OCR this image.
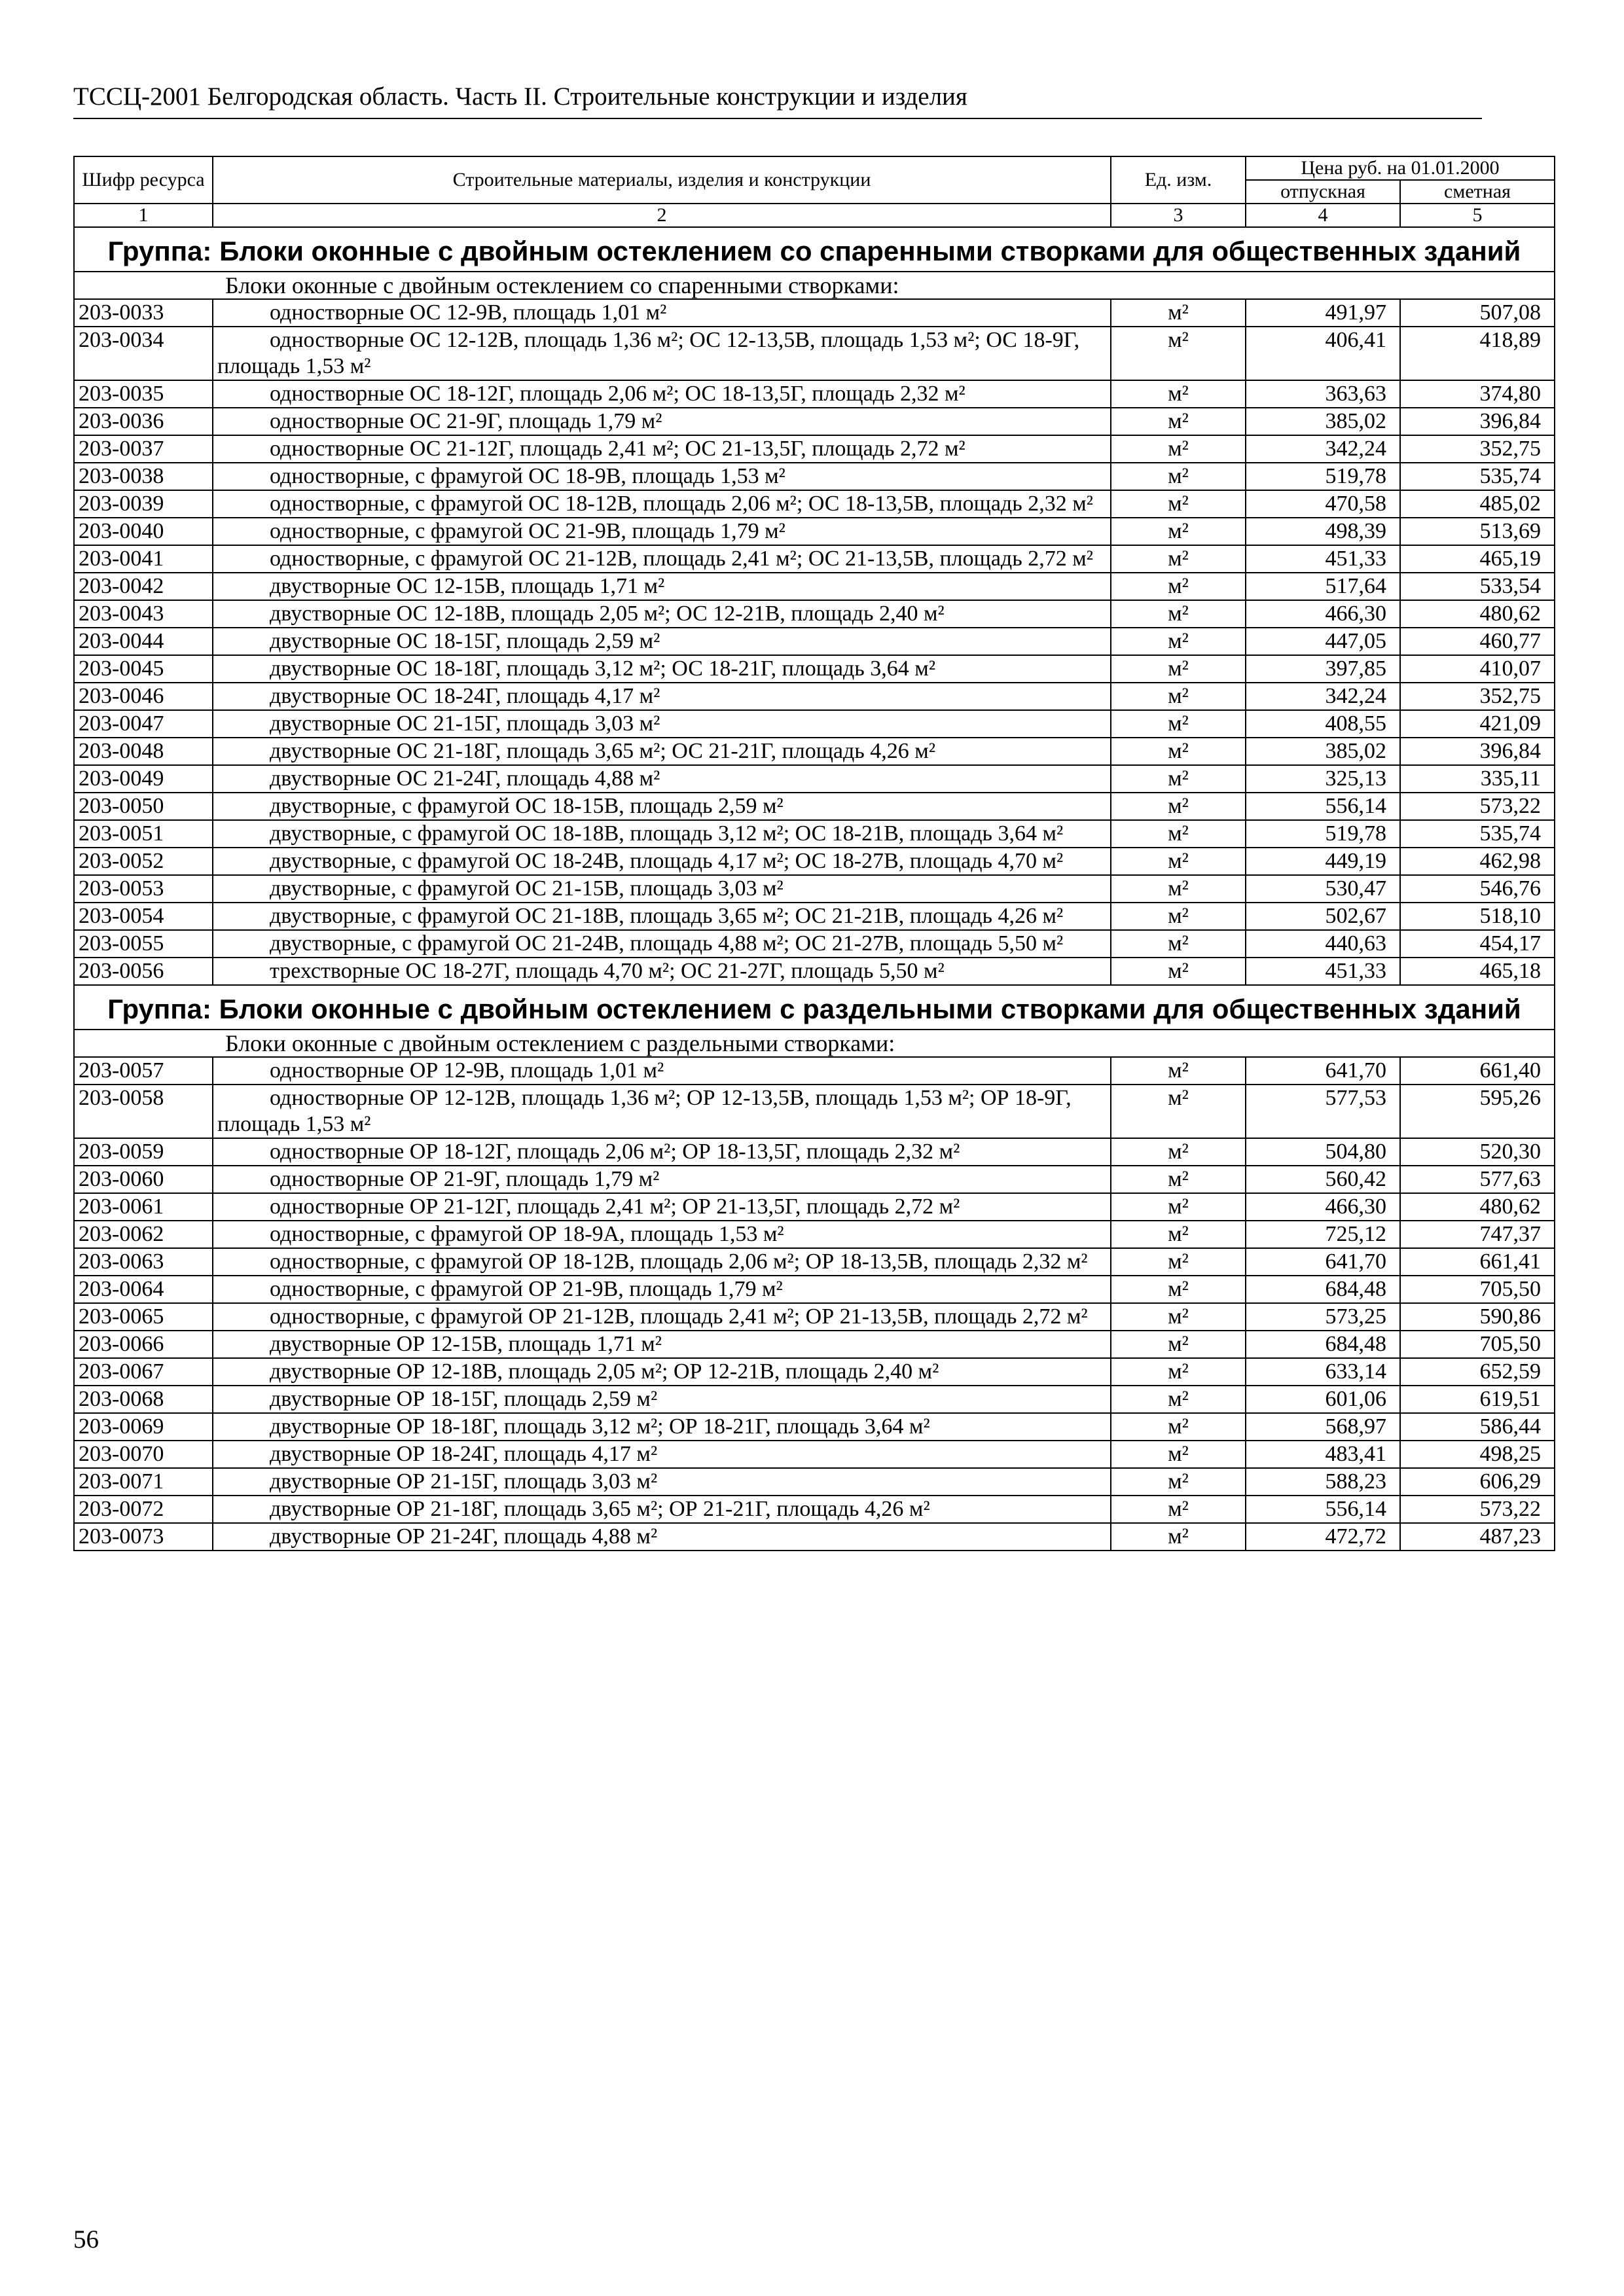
ТССЦ-2001 Белгородская область. Часть II. Строительные конструкции и изделия
Шифр ресурса	Строительные материалы, изделия и конструкции	Ед. изм.	Цена руб. на 01.01.2000	
			отпускная	сметная
1	2	3	4	5
Группа: Блоки оконные с двойным остеклением со спаренными створками для общественных зданий				
Блоки оконные с двойным остеклением со спаренными створками:				
203-0033	одностворные ОС 12-9В, площадь 1,01 м²	м²	491,97	507,08
203-0034	одностворные ОС 12-12В, площадь 1,36 м²; ОС 12-13,5В, площадь 1,53 м²; ОС 18-9Г, площадь 1,53 м²	м²	406,41	418,89
203-0035	одностворные ОС 18-12Г, площадь 2,06 м²; ОС 18-13,5Г, площадь 2,32 м²	м²	363,63	374,80
203-0036	одностворные ОС 21-9Г, площадь 1,79 м²	м²	385,02	396,84
203-0037	одностворные ОС 21-12Г, площадь 2,41 м²; ОС 21-13,5Г, площадь 2,72 м²	м²	342,24	352,75
203-0038	одностворные, с фрамугой ОС 18-9В, площадь 1,53 м²	м²	519,78	535,74
203-0039	одностворные, с фрамугой ОС 18-12В, площадь 2,06 м²; ОС 18-13,5В, площадь 2,32 м²	м²	470,58	485,02
203-0040	одностворные, с фрамугой ОС 21-9В, площадь 1,79 м²	м²	498,39	513,69
203-0041	одностворные, с фрамугой ОС 21-12В, площадь 2,41 м²; ОС 21-13,5В, площадь 2,72 м²	м²	451,33	465,19
203-0042	двустворные ОС 12-15В, площадь 1,71 м²	м²	517,64	533,54
203-0043	двустворные ОС 12-18В, площадь 2,05 м²; ОС 12-21В, площадь 2,40 м²	м²	466,30	480,62
203-0044	двустворные ОС 18-15Г, площадь 2,59 м²	м²	447,05	460,77
203-0045	двустворные ОС 18-18Г, площадь 3,12 м²; ОС 18-21Г, площадь 3,64 м²	м²	397,85	410,07
203-0046	двустворные ОС 18-24Г, площадь 4,17 м²	м²	342,24	352,75
203-0047	двустворные ОС 21-15Г, площадь 3,03 м²	м²	408,55	421,09
203-0048	двустворные ОС 21-18Г, площадь 3,65 м²; ОС 21-21Г, площадь 4,26 м²	м²	385,02	396,84
203-0049	двустворные ОС 21-24Г, площадь 4,88 м²	м²	325,13	335,11
203-0050	двустворные, с фрамугой ОС 18-15В, площадь 2,59 м²	м²	556,14	573,22
203-0051	двустворные, с фрамугой ОС 18-18В, площадь 3,12 м²; ОС 18-21В, площадь 3,64 м²	м²	519,78	535,74
203-0052	двустворные, с фрамугой ОС 18-24В, площадь 4,17 м²; ОС 18-27В, площадь 4,70 м²	м²	449,19	462,98
203-0053	двустворные, с фрамугой ОС 21-15В, площадь 3,03 м²	м²	530,47	546,76
203-0054	двустворные, с фрамугой ОС 21-18В, площадь 3,65 м²; ОС 21-21В, площадь 4,26 м²	м²	502,67	518,10
203-0055	двустворные, с фрамугой ОС 21-24В, площадь 4,88 м²; ОС 21-27В, площадь 5,50 м²	м²	440,63	454,17
203-0056	трехстворные ОС 18-27Г, площадь 4,70 м²; ОС 21-27Г, площадь 5,50 м²	м²	451,33	465,18
Группа: Блоки оконные с двойным остеклением с раздельными створками для общественных зданий				
Блоки оконные с двойным остеклением с раздельными створками:				
203-0057	одностворные ОР 12-9В, площадь 1,01 м²	м²	641,70	661,40
203-0058	одностворные ОР 12-12В, площадь 1,36 м²; ОР 12-13,5В, площадь 1,53 м²; ОР 18-9Г, площадь 1,53 м²	м²	577,53	595,26
203-0059	одностворные ОР 18-12Г, площадь 2,06 м²; ОР 18-13,5Г, площадь 2,32 м²	м²	504,80	520,30
203-0060	одностворные ОР 21-9Г, площадь 1,79 м²	м²	560,42	577,63
203-0061	одностворные ОР 21-12Г, площадь 2,41 м²; ОР 21-13,5Г, площадь 2,72 м²	м²	466,30	480,62
203-0062	одностворные, с фрамугой ОР 18-9А, площадь 1,53 м²	м²	725,12	747,37
203-0063	одностворные, с фрамугой ОР 18-12В, площадь 2,06 м²; ОР 18-13,5В, площадь 2,32 м²	м²	641,70	661,41
203-0064	одностворные, с фрамугой ОР 21-9В, площадь 1,79 м²	м²	684,48	705,50
203-0065	одностворные, с фрамугой ОР 21-12В, площадь 2,41 м²; ОР 21-13,5В, площадь 2,72 м²	м²	573,25	590,86
203-0066	двустворные ОР 12-15В, площадь 1,71 м²	м²	684,48	705,50
203-0067	двустворные ОР 12-18В, площадь 2,05 м²; ОР 12-21В, площадь 2,40 м²	м²	633,14	652,59
203-0068	двустворные ОР 18-15Г, площадь 2,59 м²	м²	601,06	619,51
203-0069	двустворные ОР 18-18Г, площадь 3,12 м²; ОР 18-21Г, площадь 3,64 м²	м²	568,97	586,44
203-0070	двустворные ОР 18-24Г, площадь 4,17 м²	м²	483,41	498,25
203-0071	двустворные ОР 21-15Г, площадь 3,03 м²	м²	588,23	606,29
203-0072	двустворные ОР 21-18Г, площадь 3,65 м²; ОР 21-21Г, площадь 4,26 м²	м²	556,14	573,22
203-0073	двустворные ОР 21-24Г, площадь 4,88 м²	м²	472,72	487,23
56
